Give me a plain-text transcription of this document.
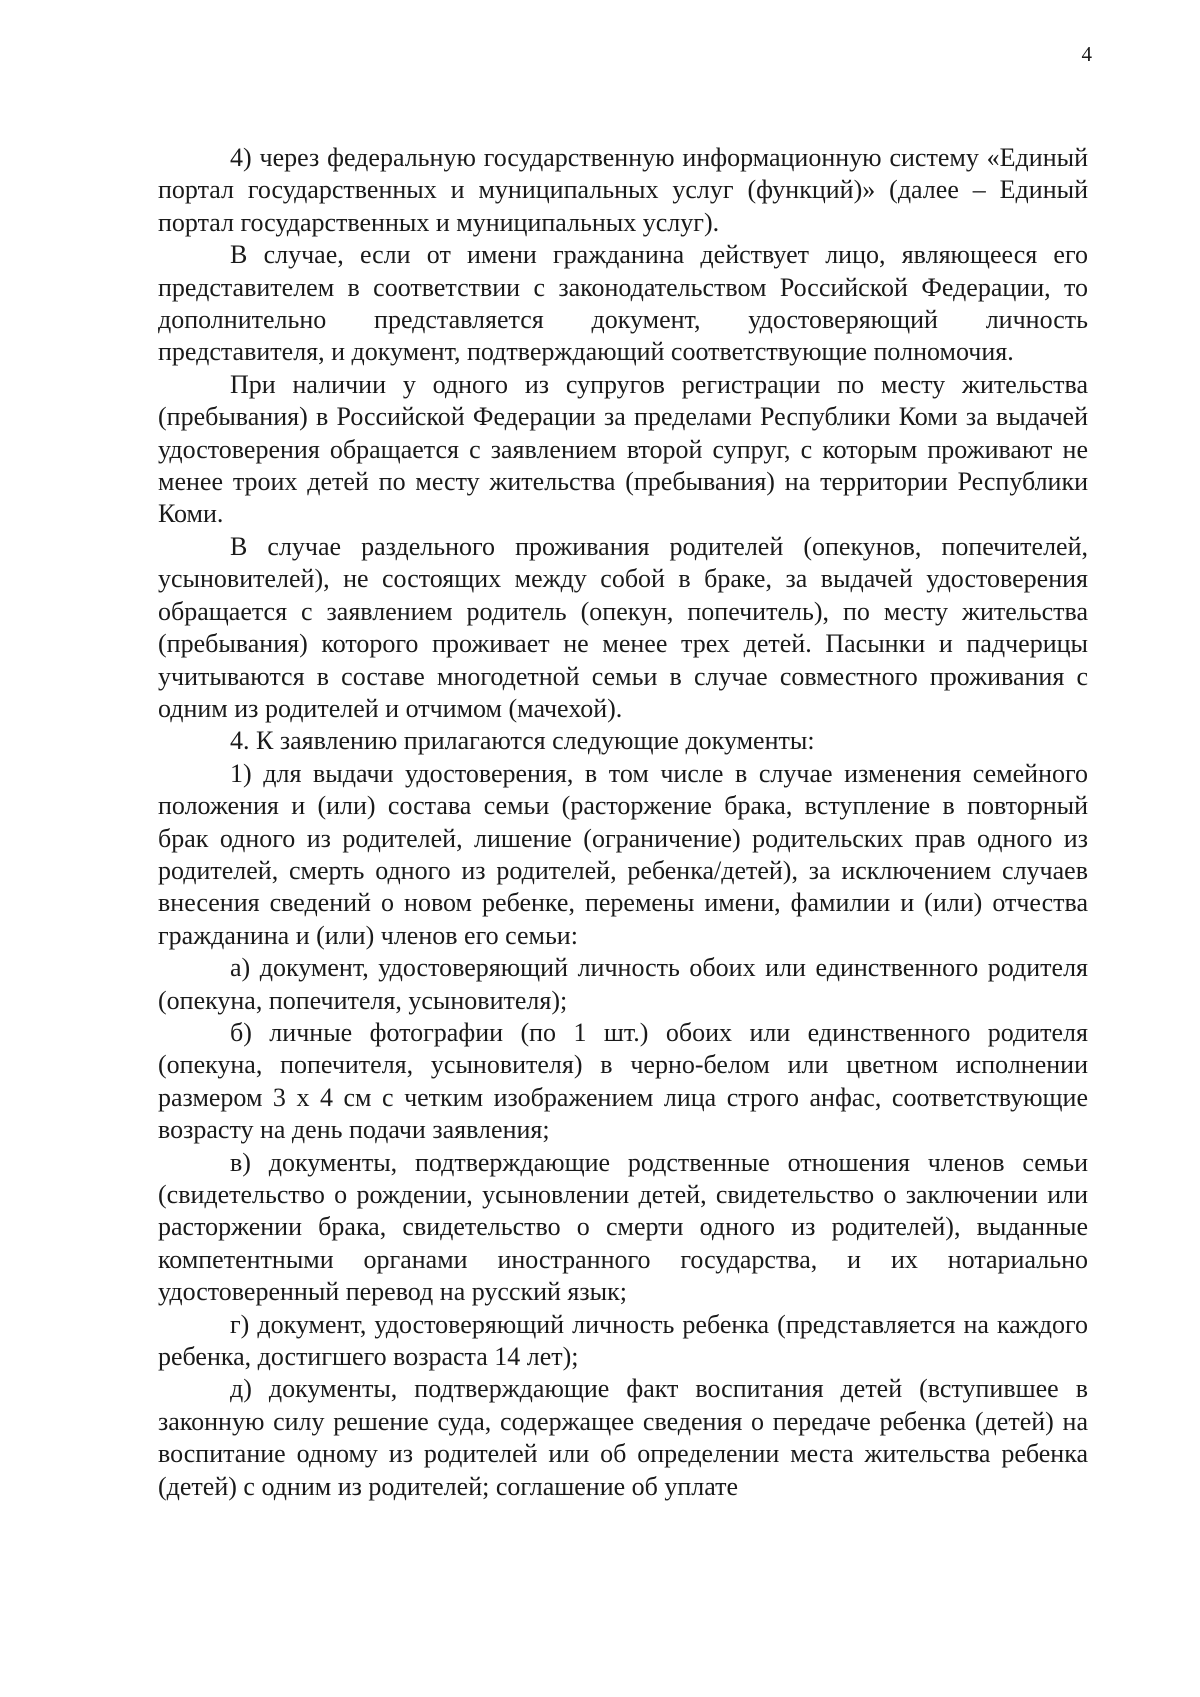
4

4) через федеральную государственную информационную систему «Единый портал государственных и муниципальных услуг (функций)» (далее – Единый портал государственных и муниципальных услуг).

В случае, если от имени гражданина действует лицо, являющееся его представителем в соответствии с законодательством Российской Федерации, то дополнительно представляется документ, удостоверяющий личность представителя, и документ, подтверждающий соответствующие полномочия.

При наличии у одного из супругов регистрации по месту жительства (пребывания) в Российской Федерации за пределами Республики Коми за выдачей удостоверения обращается с заявлением второй супруг, с которым проживают не менее троих детей по месту жительства (пребывания) на территории Республики Коми.

В случае раздельного проживания родителей (опекунов, попечителей, усыновителей), не состоящих между собой в браке, за выдачей удостоверения обращается с заявлением родитель (опекун, попечитель), по месту жительства (пребывания) которого проживает не менее трех детей. Пасынки и падчерицы учитываются в составе многодетной семьи в случае совместного проживания с одним из родителей и отчимом (мачехой).

4. К заявлению прилагаются следующие документы:

1) для выдачи удостоверения, в том числе в случае изменения семейного положения и (или) состава семьи (расторжение брака, вступление в повторный брак одного из родителей, лишение (ограничение) родительских прав одного из родителей, смерть одного из родителей, ребенка/детей), за исключением случаев внесения сведений о новом ребенке, перемены имени, фамилии и (или) отчества гражданина и (или) членов его семьи:

а) документ, удостоверяющий личность обоих или единственного родителя (опекуна, попечителя, усыновителя);

б) личные фотографии (по 1 шт.) обоих или единственного родителя (опекуна, попечителя, усыновителя) в черно-белом или цветном исполнении размером 3 х 4 см с четким изображением лица строго анфас, соответствующие возрасту на день подачи заявления;

в) документы, подтверждающие родственные отношения членов семьи (свидетельство о рождении, усыновлении детей, свидетельство о заключении или расторжении брака, свидетельство о смерти одного из родителей), выданные компетентными органами иностранного государства, и их нотариально удостоверенный перевод на русский язык;

г) документ, удостоверяющий личность ребенка (представляется на каждого ребенка, достигшего возраста 14 лет);

д) документы, подтверждающие факт воспитания детей (вступившее в законную силу решение суда, содержащее сведения о передаче ребенка (детей) на воспитание одному из родителей или об определении места жительства ребенка (детей) с одним из родителей; соглашение об уплате
